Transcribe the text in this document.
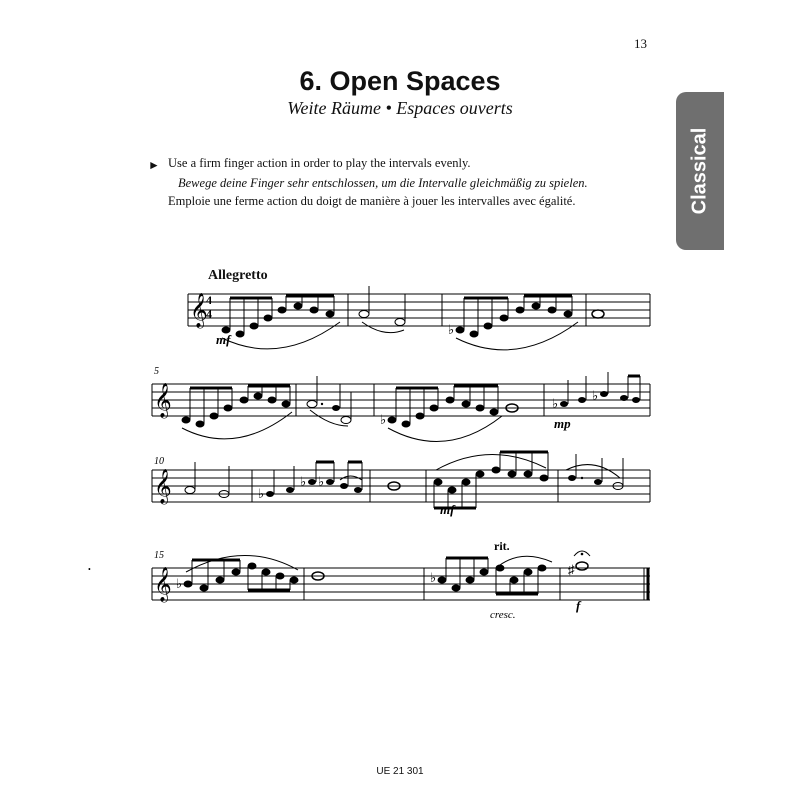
13
6. Open Spaces
Weite Räume • Espaces ouverts
Classical
► Use a firm finger action in order to play the intervals evenly.
Bewege deine Finger sehr entschlossen, um die Intervalle gleichmäßig zu spielen.
Emploie une ferme action du doigt de manière à jouer les intervalles avec égalité.
Allegretto
𝄞
4
4
♭
𝄞
♭
♭
♭
𝄞	♭
♭ ♭
𝄞 ♭	♭
♯
mf
mp
mf
f
5
10
15
rit.
cresc.
•
UE 21 301
